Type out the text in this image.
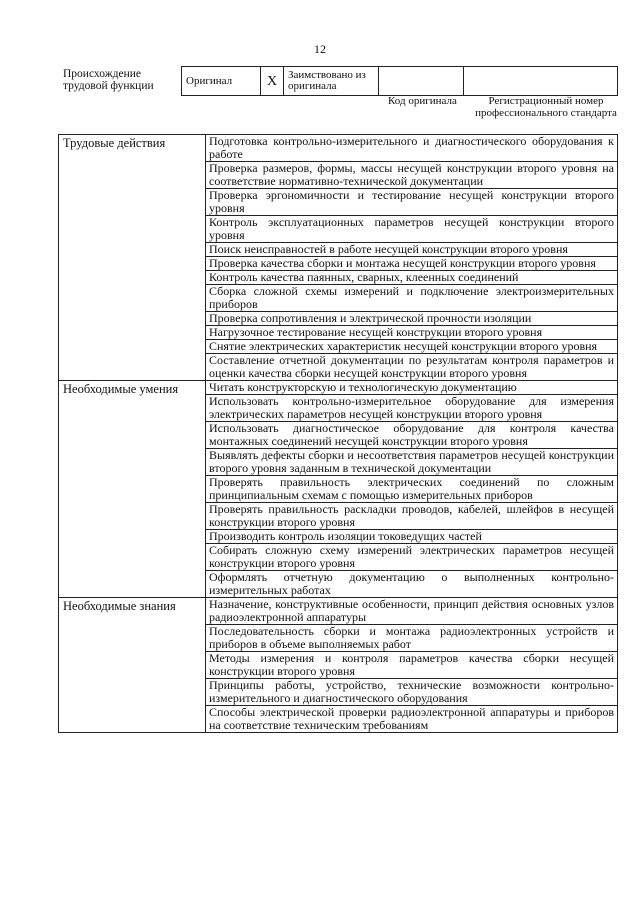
12
Происхождение трудовой функции	Оригинал	X	Заимствовано из оригинала		
Код оригинала	Регистрационный номер профессионального стандарта
Трудовые действия	Подготовка контрольно-измерительного и диагностического оборудования к работе
	Проверка размеров, формы, массы несущей конструкции второго уровня на соответствие нормативно-технической документации
	Проверка эргономичности и тестирование несущей конструкции второго уровня
	Контроль эксплуатационных параметров несущей конструкции второго уровня
	Поиск неисправностей в работе несущей конструкции второго уровня
	Проверка качества сборки и монтажа несущей конструкции второго уровня
	Контроль качества паянных, сварных, клеенных соединений
	Сборка сложной схемы измерений и подключение электроизмерительных приборов
	Проверка сопротивления и электрической прочности изоляции
	Нагрузочное тестирование несущей конструкции второго уровня
	Снятие электрических характеристик несущей конструкции второго уровня
	Составление отчетной документации по результатам контроля параметров и оценки качества сборки несущей конструкции второго уровня
Необходимые умения	Читать конструкторскую и технологическую документацию
	Использовать контрольно-измерительное оборудование для измерения электрических параметров несущей конструкции второго уровня
	Использовать диагностическое оборудование для контроля качества монтажных соединений несущей конструкции второго уровня
	Выявлять дефекты сборки и несоответствия параметров несущей конструкции второго уровня заданным в технической документации
	Проверять правильность электрических соединений по сложным принципиальным схемам с помощью измерительных приборов
	Проверять правильность раскладки проводов, кабелей, шлейфов в несущей конструкции второго уровня
	Производить контроль изоляции токоведущих частей
	Собирать сложную схему измерений электрических параметров несущей конструкции второго уровня
	Оформлять отчетную документацию о выполненных контрольно-измерительных работах
Необходимые знания	Назначение, конструктивные особенности, принцип действия основных узлов радиоэлектронной аппаратуры
	Последовательность сборки и монтажа радиоэлектронных устройств и приборов в объеме выполняемых работ
	Методы измерения и контроля параметров качества сборки несущей конструкции второго уровня
	Принципы работы, устройство, технические возможности контрольно-измерительного и диагностического оборудования
	Способы электрической проверки радиоэлектронной аппаратуры и приборов на соответствие техническим требованиям
